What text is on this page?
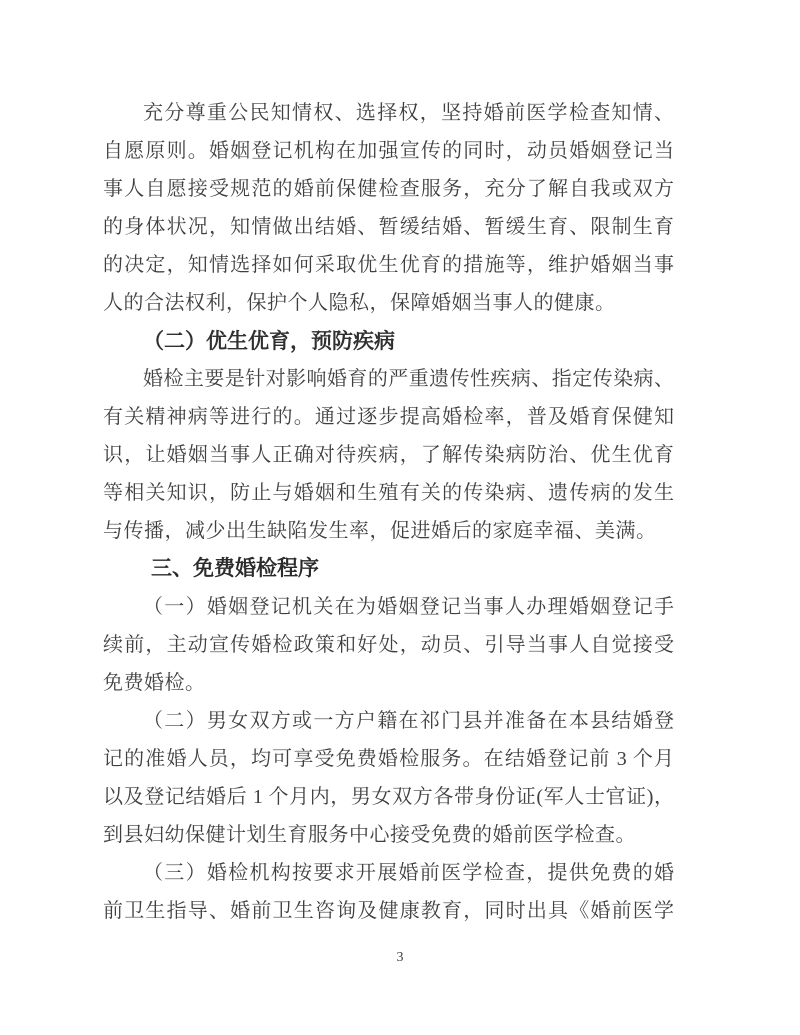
充分尊重公民知情权、选择权，坚持婚前医学检查知情、
自愿原则。婚姻登记机构在加强宣传的同时，动员婚姻登记当
事人自愿接受规范的婚前保健检查服务，充分了解自我或双方
的身体状况，知情做出结婚、暂缓结婚、暂缓生育、限制生育
的决定，知情选择如何采取优生优育的措施等，维护婚姻当事
人的合法权利，保护个人隐私，保障婚姻当事人的健康。
（二）优生优育，预防疾病
婚检主要是针对影响婚育的严重遗传性疾病、指定传染病、
有关精神病等进行的。通过逐步提高婚检率，普及婚育保健知
识，让婚姻当事人正确对待疾病，了解传染病防治、优生优育
等相关知识，防止与婚姻和生殖有关的传染病、遗传病的发生
与传播，减少出生缺陷发生率，促进婚后的家庭幸福、美满。
三、免费婚检程序
（一）婚姻登记机关在为婚姻登记当事人办理婚姻登记手
续前，主动宣传婚检政策和好处，动员、引导当事人自觉接受
免费婚检。
（二）男女双方或一方户籍在祁门县并准备在本县结婚登
记的准婚人员，均可享受免费婚检服务。在结婚登记前 3 个月
以及登记结婚后 1 个月内，男女双方各带身份证(军人士官证)，
到县妇幼保健计划生育服务中心接受免费的婚前医学检查。
（三）婚检机构按要求开展婚前医学检查，提供免费的婚
前卫生指导、婚前卫生咨询及健康教育，同时出具《婚前医学
3
